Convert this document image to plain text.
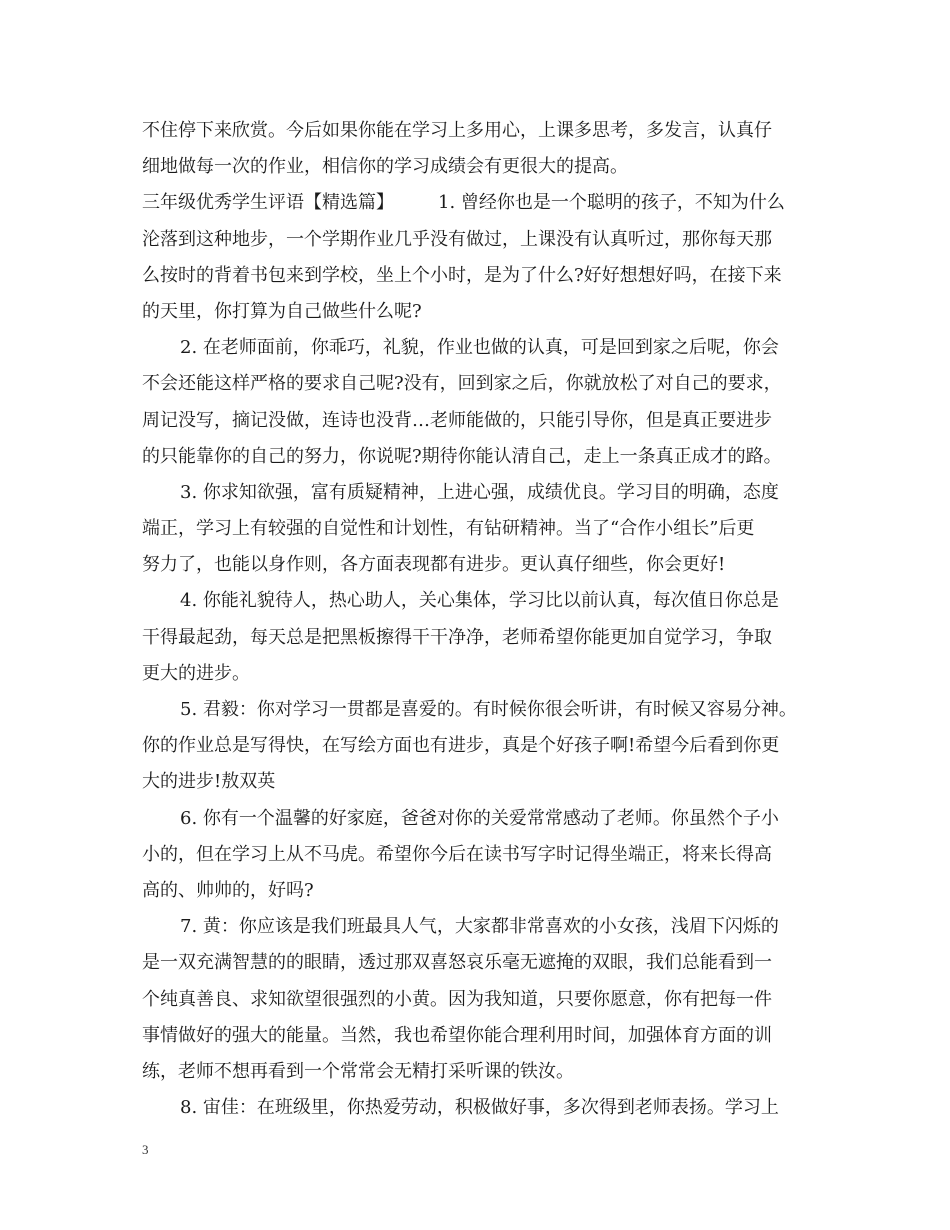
不住停下来欣赏。今后如果你能在学习上多用心，上课多思考，多发言，认真仔
细地做每一次的作业，相信你的学习成绩会有更很大的提高。
三年级优秀学生评语【精选篇】 1. 曾经你也是一个聪明的孩子，不知为什么
沦落到这种地步，一个学期作业几乎没有做过，上课没有认真听过，那你每天那
么按时的背着书包来到学校，坐上个小时，是为了什么?好好想想好吗，在接下来
的天里，你打算为自己做些什么呢?
2. 在老师面前，你乖巧，礼貌，作业也做的认真，可是回到家之后呢，你会
不会还能这样严格的要求自己呢?没有，回到家之后，你就放松了对自己的要求，
周记没写，摘记没做，连诗也没背…老师能做的，只能引导你，但是真正要进步
的只能靠你的自己的努力，你说呢?期待你能认清自己，走上一条真正成才的路。
3. 你求知欲强，富有质疑精神，上进心强，成绩优良。学习目的明确，态度
端正，学习上有较强的自觉性和计划性，有钻研精神。当了“合作小组长”后更
努力了，也能以身作则，各方面表现都有进步。更认真仔细些，你会更好!
4. 你能礼貌待人，热心助人，关心集体，学习比以前认真，每次值日你总是
干得最起劲，每天总是把黑板擦得干干净净，老师希望你能更加自觉学习，争取
更大的进步。
5. 君毅：你对学习一贯都是喜爱的。有时候你很会听讲，有时候又容易分神。
你的作业总是写得快，在写绘方面也有进步，真是个好孩子啊!希望今后看到你更
大的进步!敖双英
6. 你有一个温馨的好家庭，爸爸对你的关爱常常感动了老师。你虽然个子小
小的，但在学习上从不马虎。希望你今后在读书写字时记得坐端正，将来长得高
高的、帅帅的，好吗?
7. 黄：你应该是我们班最具人气，大家都非常喜欢的小女孩，浅眉下闪烁的
是一双充满智慧的的眼睛，透过那双喜怒哀乐毫无遮掩的双眼，我们总能看到一
个纯真善良、求知欲望很强烈的小黄。因为我知道，只要你愿意，你有把每一件
事情做好的强大的能量。当然，我也希望你能合理利用时间，加强体育方面的训
练，老师不想再看到一个常常会无精打采听课的铁汝。
8. 宙佳：在班级里，你热爱劳动，积极做好事，多次得到老师表扬。学习上
3
